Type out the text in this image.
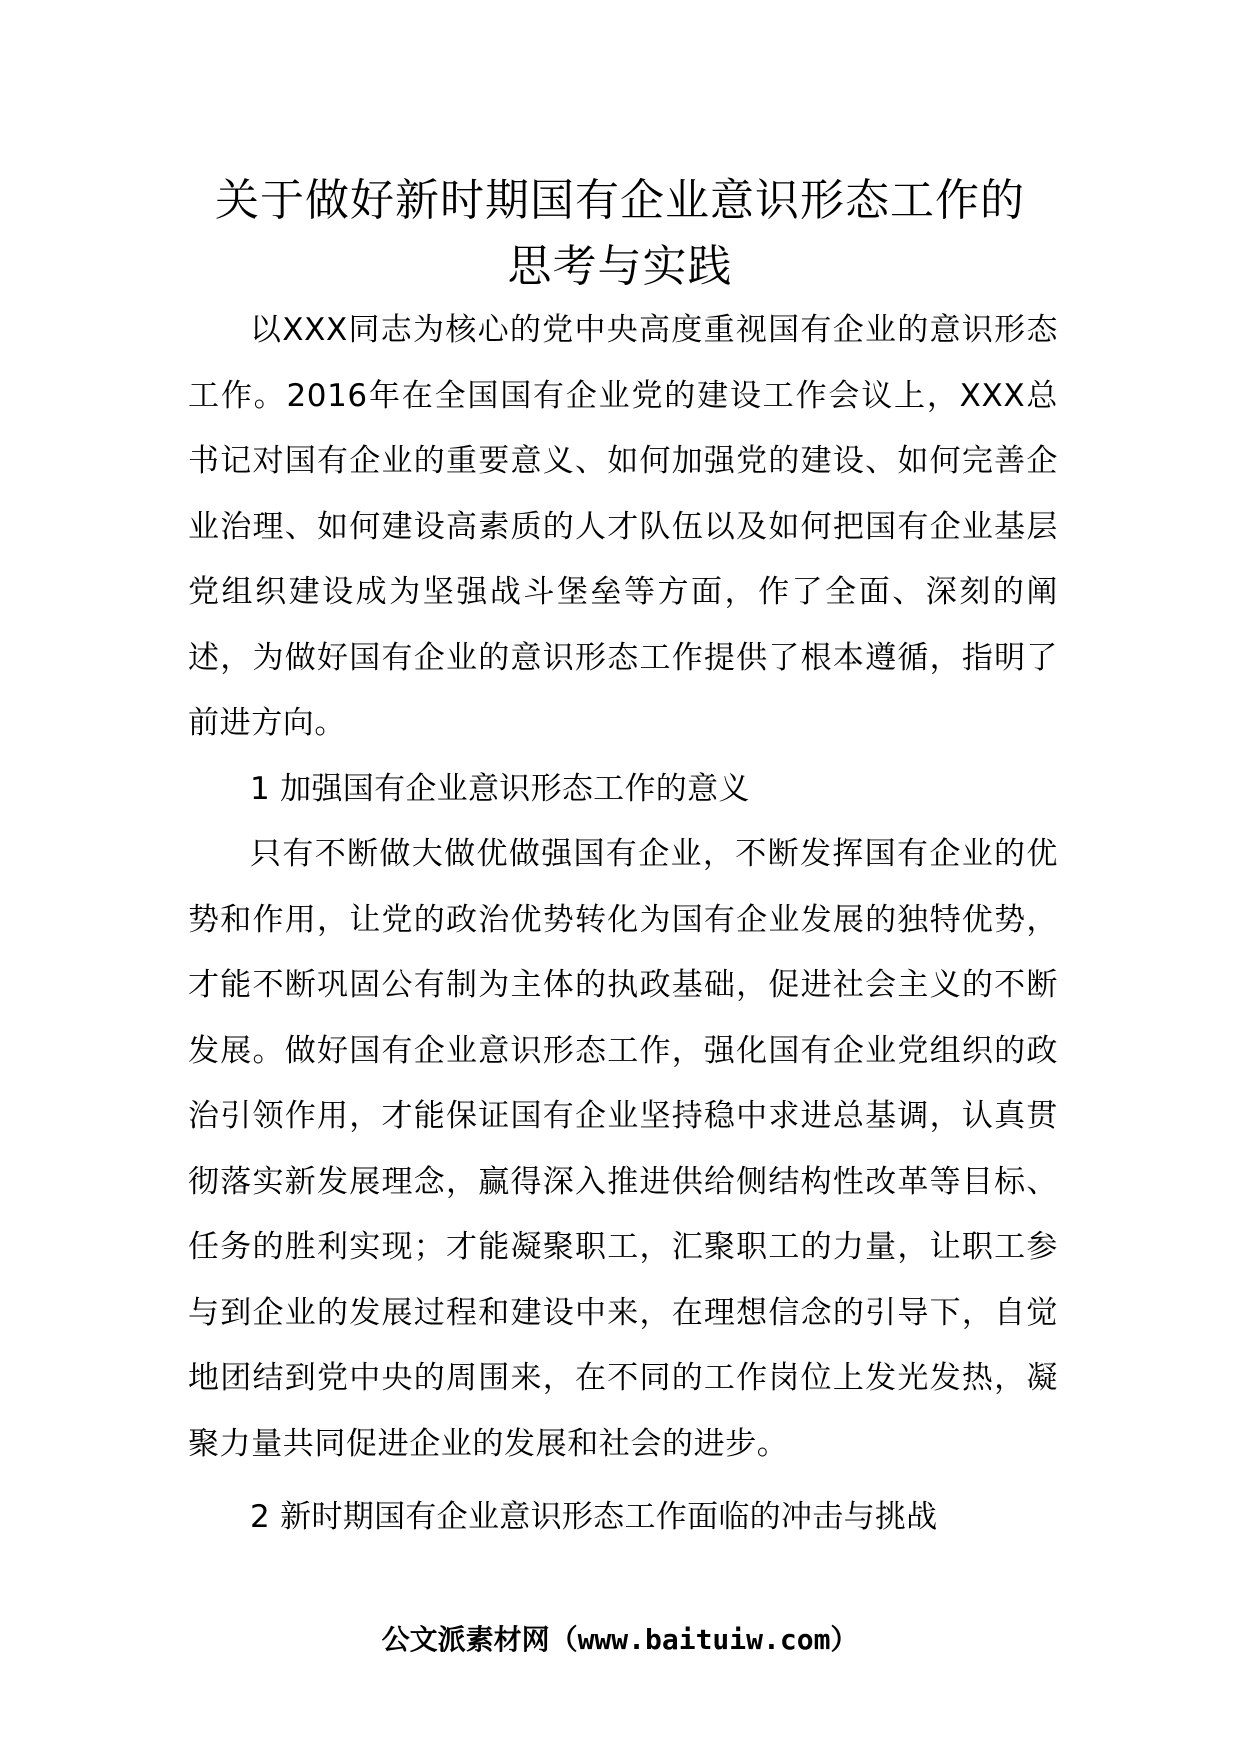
关于做好新时期国有企业意识形态工作的
思考与实践

以XXX同志为核心的党中央高度重视国有企业的意识形态工作。2016年在全国国有企业党的建设工作会议上，XXX总书记对国有企业的重要意义、如何加强党的建设、如何完善企业治理、如何建设高素质的人才队伍以及如何把国有企业基层党组织建设成为坚强战斗堡垒等方面，作了全面、深刻的阐述，为做好国有企业的意识形态工作提供了根本遵循，指明了前进方向。

1 加强国有企业意识形态工作的意义

只有不断做大做优做强国有企业，不断发挥国有企业的优势和作用，让党的政治优势转化为国有企业发展的独特优势，才能不断巩固公有制为主体的执政基础，促进社会主义的不断发展。做好国有企业意识形态工作，强化国有企业党组织的政治引领作用，才能保证国有企业坚持稳中求进总基调，认真贯彻落实新发展理念，赢得深入推进供给侧结构性改革等目标、任务的胜利实现；才能凝聚职工，汇聚职工的力量，让职工参与到企业的发展过程和建设中来，在理想信念的引导下，自觉地团结到党中央的周围来，在不同的工作岗位上发光发热，凝聚力量共同促进企业的发展和社会的进步。

2 新时期国有企业意识形态工作面临的冲击与挑战

公文派素材网（www.baituiw.com）
